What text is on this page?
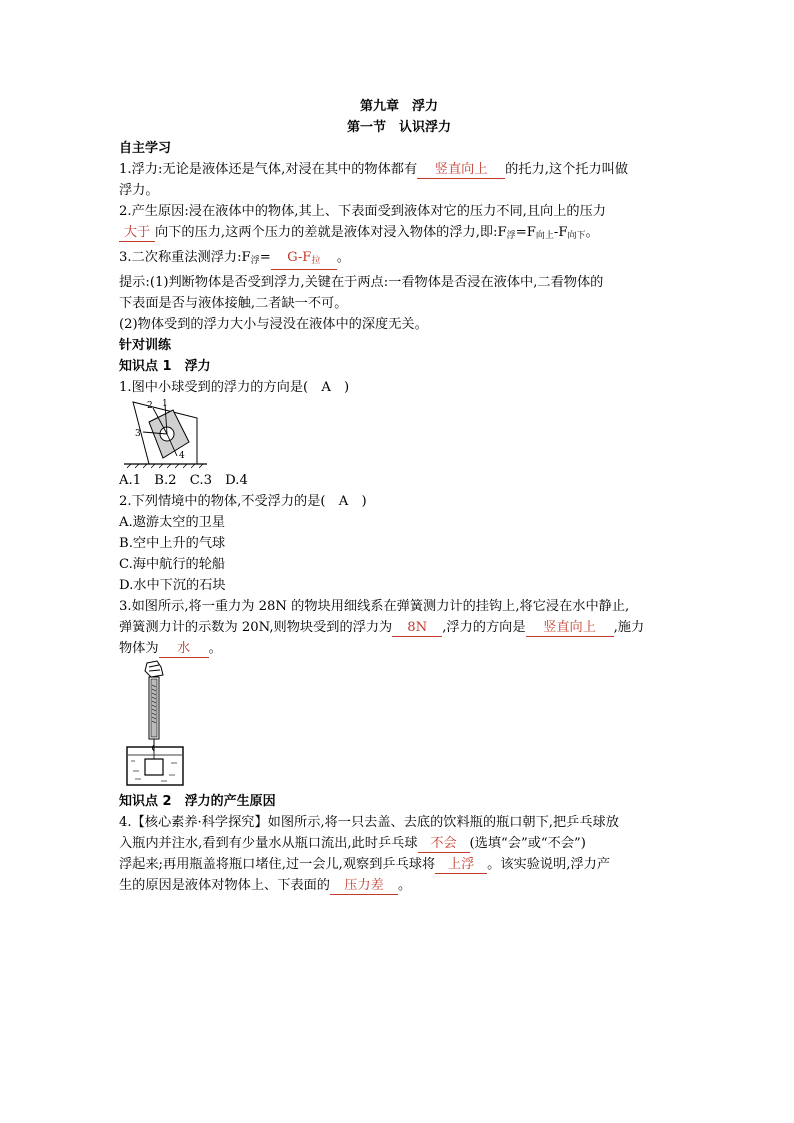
第九章　浮力
第一节　认识浮力
自主学习

1.浮力:无论是液体还是气体,对浸在其中的物体都有 竖直向上 的托力,这个托力叫做

浮力。

2.产生原因:浸在液体中的物体,其上、下表面受到液体对它的压力不同,且向上的压力

大于 向下的压力,这两个压力的差就是液体对浸入物体的浮力,即$:F_浮=F_{向上}-F_{向下}$。

3.二次称重法测浮力$:F_浮= G-F_拉$ 。

提示:(1)判断物体是否受到浮力,关键在于两点:一看物体是否浸在液体中,二看物体的

下表面是否与液体接触,二者缺一不可。

(2)物体受到的浮力大小与浸没在液体中的深度无关。

针对训练
知识点 1　浮力

1.图中小球受到的浮力的方向是(　A　)

1
2
3
4

A.1　B.2　C.3　D.4

2.下列情境中的物体,不受浮力的是(　A　)

A.遨游太空的卫星

B.空中上升的气球

C.海中航行的轮船

D.水中下沉的石块

3.如图所示,将一重力为 28N 的物块用细线系在弹簧测力计的挂钩上,将它浸在水中静止,

弹簧测力计的示数为 20N,则物块受到的浮力为 8N ,浮力的方向是 竖直向上 ,施力

物体为 水 。

知识点 2　浮力的产生原因

4.【核心素养·科学探究】如图所示,将一只去盖、去底的饮料瓶的瓶口朝下,把乒乓球放

入瓶内并注水,看到有少量水从瓶口流出,此时乒乓球 不会 (选填“会”或“不会”)

浮起来;再用瓶盖将瓶口堵住,过一会儿,观察到乒乓球将 上浮 。该实验说明,浮力产

生的原因是液体对物体上、下表面的 压力差 。
